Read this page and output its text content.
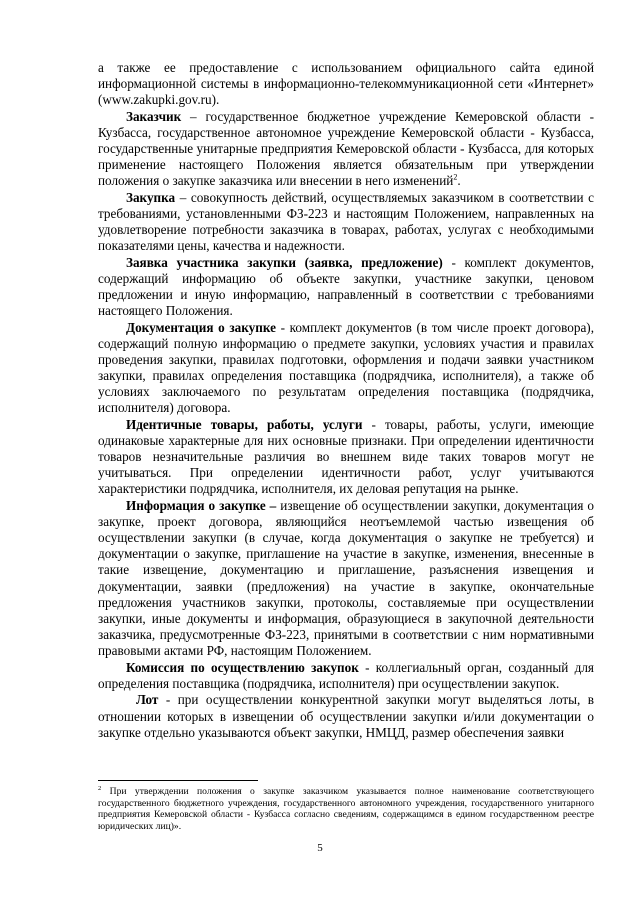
а также ее предоставление с использованием официального сайта единой информационной системы в информационно-телекоммуникационной сети «Интернет» (www.zakupki.gov.ru).

Заказчик – государственное бюджетное учреждение Кемеровской области - Кузбасса, государственное автономное учреждение Кемеровской области - Кузбасса, государственные унитарные предприятия Кемеровской области - Кузбасса, для которых применение настоящего Положения является обязательным при утверждении положения о закупке заказчика или внесении в него изменений$^2$.

Закупка – совокупность действий, осуществляемых заказчиком в соответствии с требованиями, установленными ФЗ-223 и настоящим Положением, направленных на удовлетворение потребности заказчика в товарах, работах, услугах с необходимыми показателями цены, качества и надежности.

Заявка участника закупки (заявка, предложение) - комплект документов, содержащий информацию об объекте закупки, участнике закупки, ценовом предложении и иную информацию, направленный в соответствии с требованиями настоящего Положения.

Документация о закупке - комплект документов (в том числе проект договора), содержащий полную информацию о предмете закупки, условиях участия и правилах проведения закупки, правилах подготовки, оформления и подачи заявки участником закупки, правилах определения поставщика (подрядчика, исполнителя), а также об условиях заключаемого по результатам определения поставщика (подрядчика, исполнителя) договора.

Идентичные товары, работы, услуги - товары, работы, услуги, имеющие одинаковые характерные для них основные признаки. При определении идентичности товаров незначительные различия во внешнем виде таких товаров могут не учитываться. При определении идентичности работ, услуг учитываются характеристики подрядчика, исполнителя, их деловая репутация на рынке.

Информация о закупке – извещение об осуществлении закупки, документация о закупке, проект договора, являющийся неотъемлемой частью извещения об осуществлении закупки (в случае, когда документация о закупке не требуется) и документации о закупке, приглашение на участие в закупке, изменения, внесенные в такие извещение, документацию и приглашение, разъяснения извещения и документации, заявки (предложения) на участие в закупке, окончательные предложения участников закупки, протоколы, составляемые при осуществлении закупки, иные документы и информация, образующиеся в закупочной деятельности заказчика, предусмотренные ФЗ-223, принятыми в соответствии с ним нормативными правовыми актами РФ, настоящим Положением.

Комиссия по осуществлению закупок - коллегиальный орган, созданный для определения поставщика (подрядчика, исполнителя) при осуществлении закупок.

Лот - при осуществлении конкурентной закупки могут выделяться лоты, в отношении которых в извещении об осуществлении закупки и/или документации о закупке отдельно указываются объект закупки, НМЦД, размер обеспечения заявки

$^2$ При утверждении положения о закупке заказчиком указывается полное наименование соответствующего государственного бюджетного учреждения, государственного автономного учреждения, государственного унитарного предприятия Кемеровской области - Кузбасса согласно сведениям, содержащимся в едином государственном реестре юридических лиц)».
5
